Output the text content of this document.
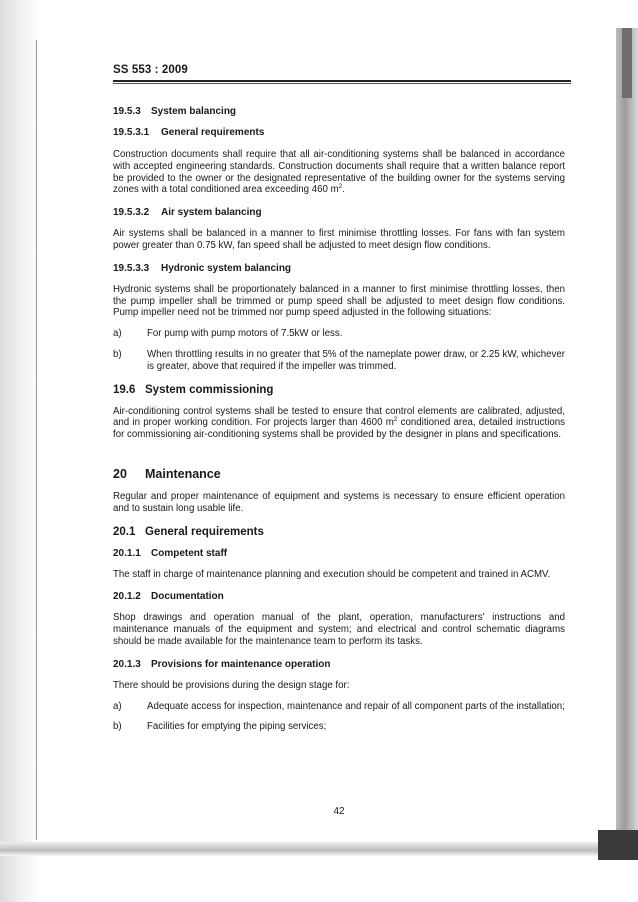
SS 553 : 2009

19.5.3 System balancing
19.5.3.1 General requirements

Construction documents shall require that all air-conditioning systems shall be balanced in accordance with accepted engineering standards. Construction documents shall require that a written balance report be provided to the owner or the designated representative of the building owner for the systems serving zones with a total conditioned area exceeding 460 $m^2$.

19.5.3.2 Air system balancing

Air systems shall be balanced in a manner to first minimise throttling losses. For fans with fan system power greater than 0.75 kW, fan speed shall be adjusted to meet design flow conditions.

19.5.3.3 Hydronic system balancing

Hydronic systems shall be proportionately balanced in a manner to first minimise throttling losses, then the pump impeller shall be trimmed or pump speed shall be adjusted to meet design flow conditions. Pump impeller need not be trimmed nor pump speed adjusted in the following situations:

a)	For pump with pump motors of 7.5kW or less.
b)	When throttling results in no greater that 5% of the nameplate power draw, or 2.25 kW, whichever is greater, above that required if the impeller was trimmed.
19.6 System commissioning

Air-conditioning control systems shall be tested to ensure that control elements are calibrated, adjusted, and in proper working condition. For projects larger than 4600 $m^2$ conditioned area, detailed instructions for commissioning air-conditioning systems shall be provided by the designer in plans and specifications.

20 Maintenance

Regular and proper maintenance of equipment and systems is necessary to ensure efficient operation and to sustain long usable life.

20.1 General requirements
20.1.1 Competent staff

The staff in charge of maintenance planning and execution should be competent and trained in ACMV.

20.1.2 Documentation

Shop drawings and operation manual of the plant, operation, manufacturers' instructions and maintenance manuals of the equipment and system; and electrical and control schematic diagrams should be made available for the maintenance team to perform its tasks.

20.1.3 Provisions for maintenance operation

There should be provisions during the design stage for:

a)	Adequate access for inspection, maintenance and repair of all component parts of the installation;
b)	Facilities for emptying the piping services;
42
